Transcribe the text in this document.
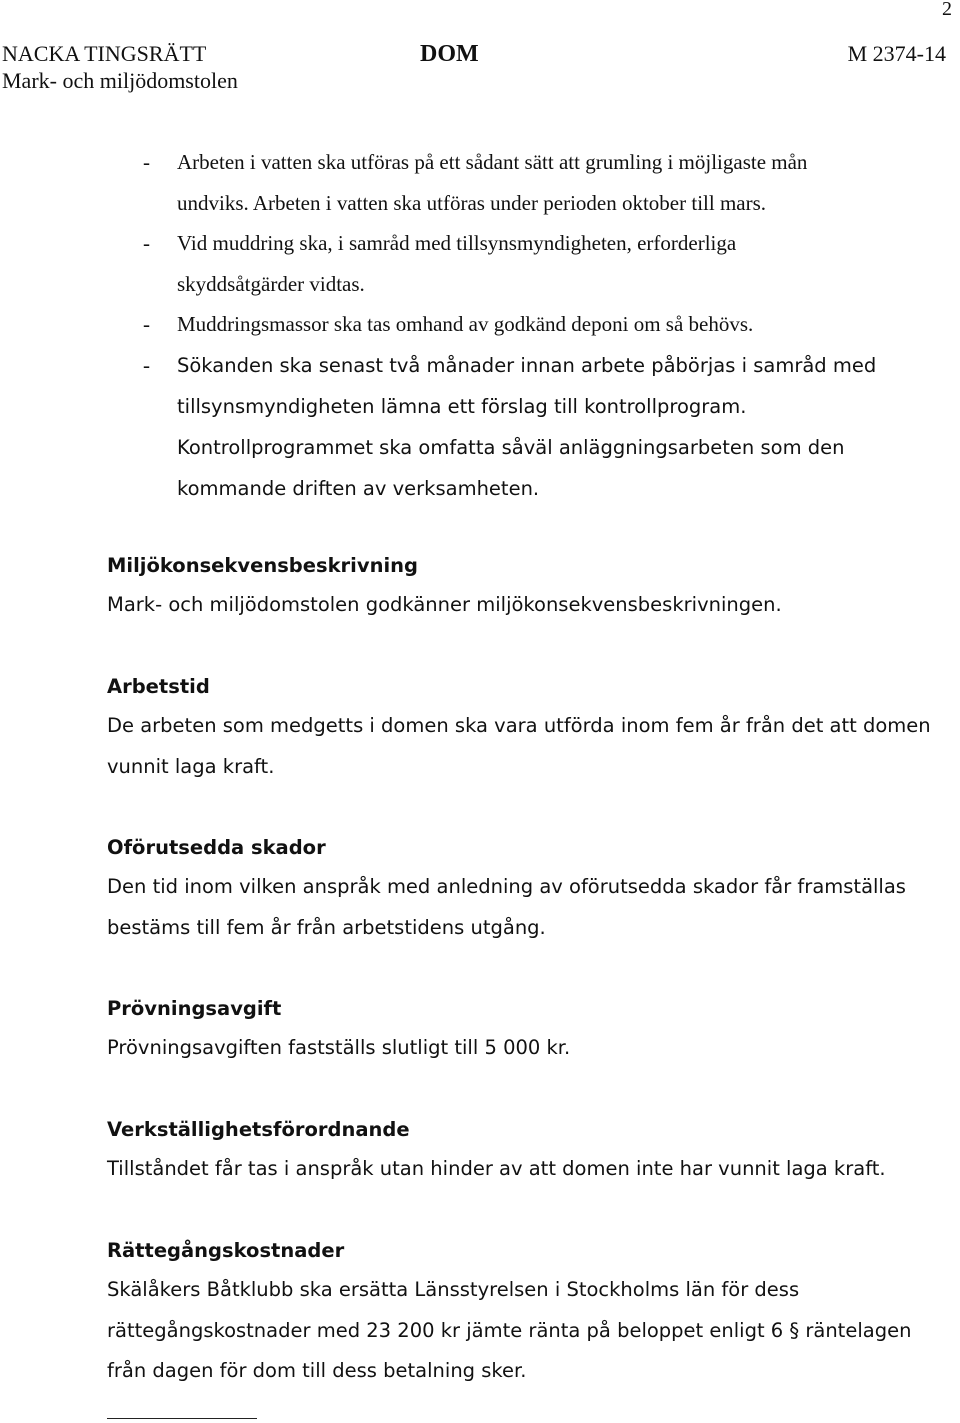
2
NACKA TINGSRÄTT
Mark- och miljödomstolen
DOM	M 2374-14
- Arbeten i vatten ska utföras på ett sådant sätt att grumling i möjligaste mån
undviks. Arbeten i vatten ska utföras under perioden oktober till mars.
- Vid muddring ska, i samråd med tillsynsmyndigheten, erforderliga
skyddsåtgärder vidtas.
- Muddringsmassor ska tas omhand av godkänd deponi om så behövs.
- Sökanden ska senast två månader innan arbete påbörjas i samråd med
tillsynsmyndigheten lämna ett förslag till kontrollprogram.
Kontrollprogrammet ska omfatta såväl anläggningsarbeten som den
kommande driften av verksamheten.
Miljökonsekvensbeskrivning
Mark- och miljödomstolen godkänner miljökonsekvensbeskrivningen.
Arbetstid
De arbeten som medgetts i domen ska vara utförda inom fem år från det att domen
vunnit laga kraft.
Oförutsedda skador
Den tid inom vilken anspråk med anledning av oförutsedda skador får framställas
bestäms till fem år från arbetstidens utgång.
Prövningsavgift
Prövningsavgiften fastställs slutligt till 5 000 kr.
Verkställighetsförordnande
Tillståndet får tas i anspråk utan hinder av att domen inte har vunnit laga kraft.
Rättegångskostnader
Skälåkers Båtklubb ska ersätta Länsstyrelsen i Stockholms län för dess
rättegångskostnader med 23 200 kr jämte ränta på beloppet enligt 6 § räntelagen
från dagen för dom till dess betalning sker.
